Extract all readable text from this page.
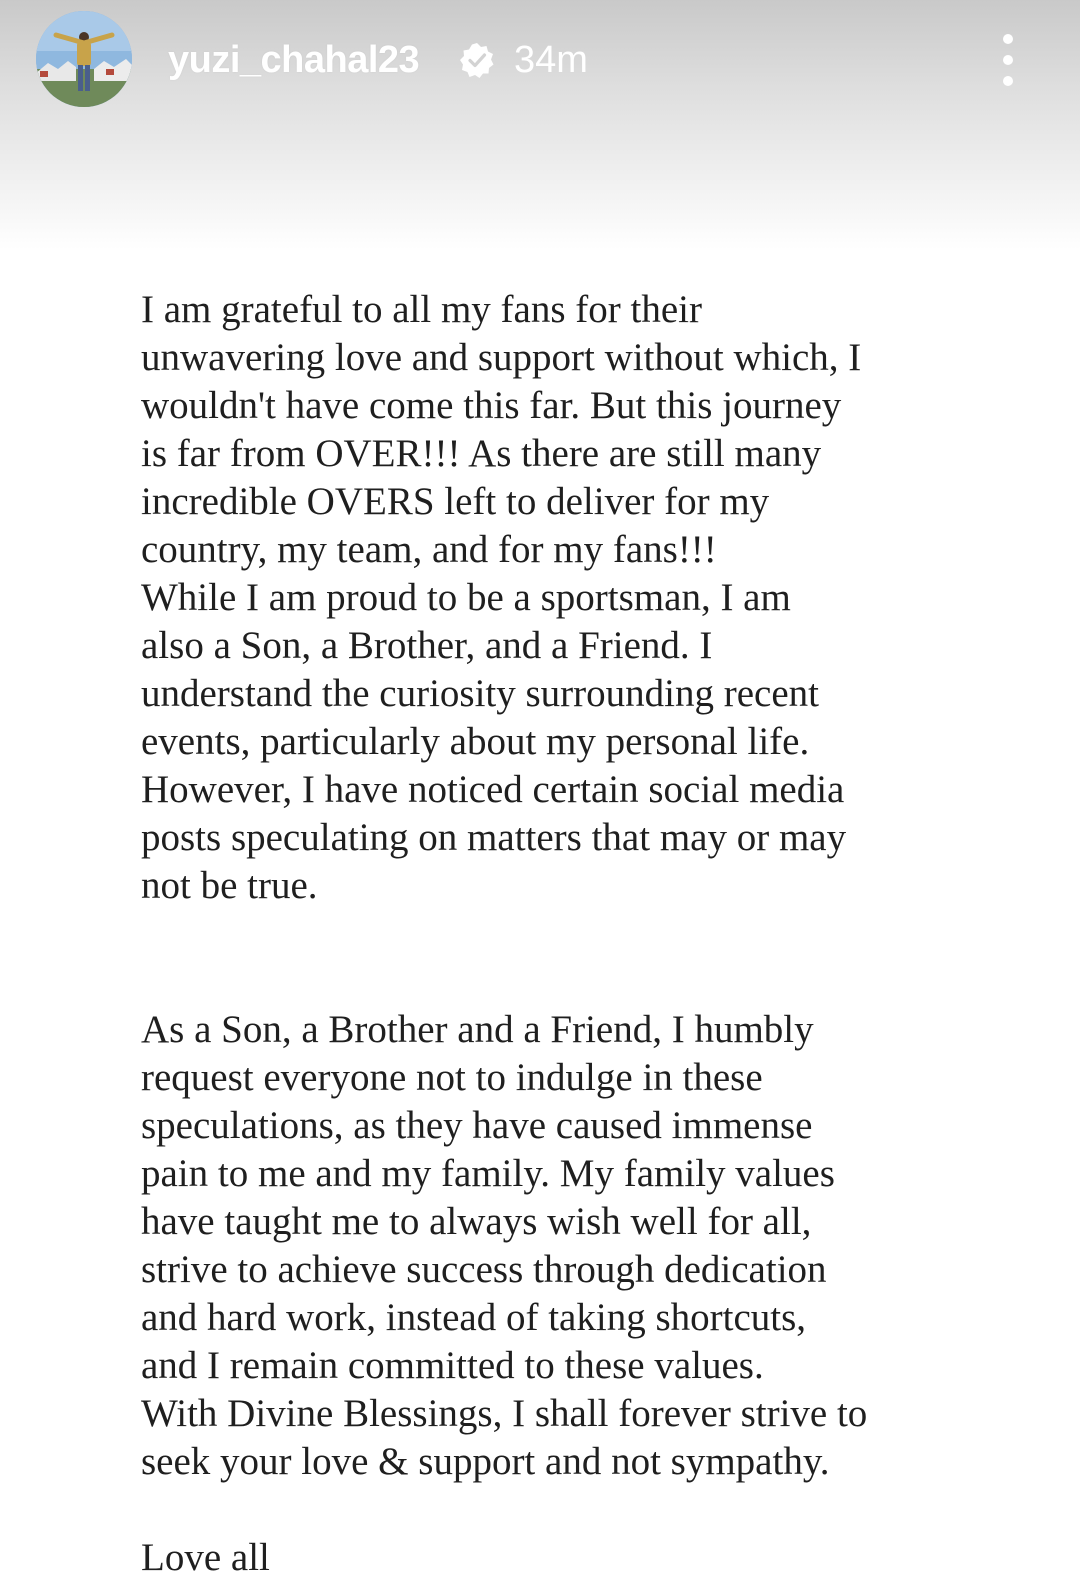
yuzi_chahal23 34m
I am grateful to all my fans for their
unwavering love and support without which, I
wouldn't have come this far. But this journey
is far from OVER!!! As there are still many
incredible OVERS left to deliver for my
country, my team, and for my fans!!!
While I am proud to be a sportsman, I am
also a Son, a Brother, and a Friend. I
understand the curiosity surrounding recent
events, particularly about my personal life.
However, I have noticed certain social media
posts speculating on matters that may or may
not be true.
As a Son, a Brother and a Friend, I humbly
request everyone not to indulge in these
speculations, as they have caused immense
pain to me and my family. My family values
have taught me to always wish well for all,
strive to achieve success through dedication
and hard work, instead of taking shortcuts,
and I remain committed to these values.
With Divine Blessings, I shall forever strive to
seek your love & support and not sympathy.
Love all
